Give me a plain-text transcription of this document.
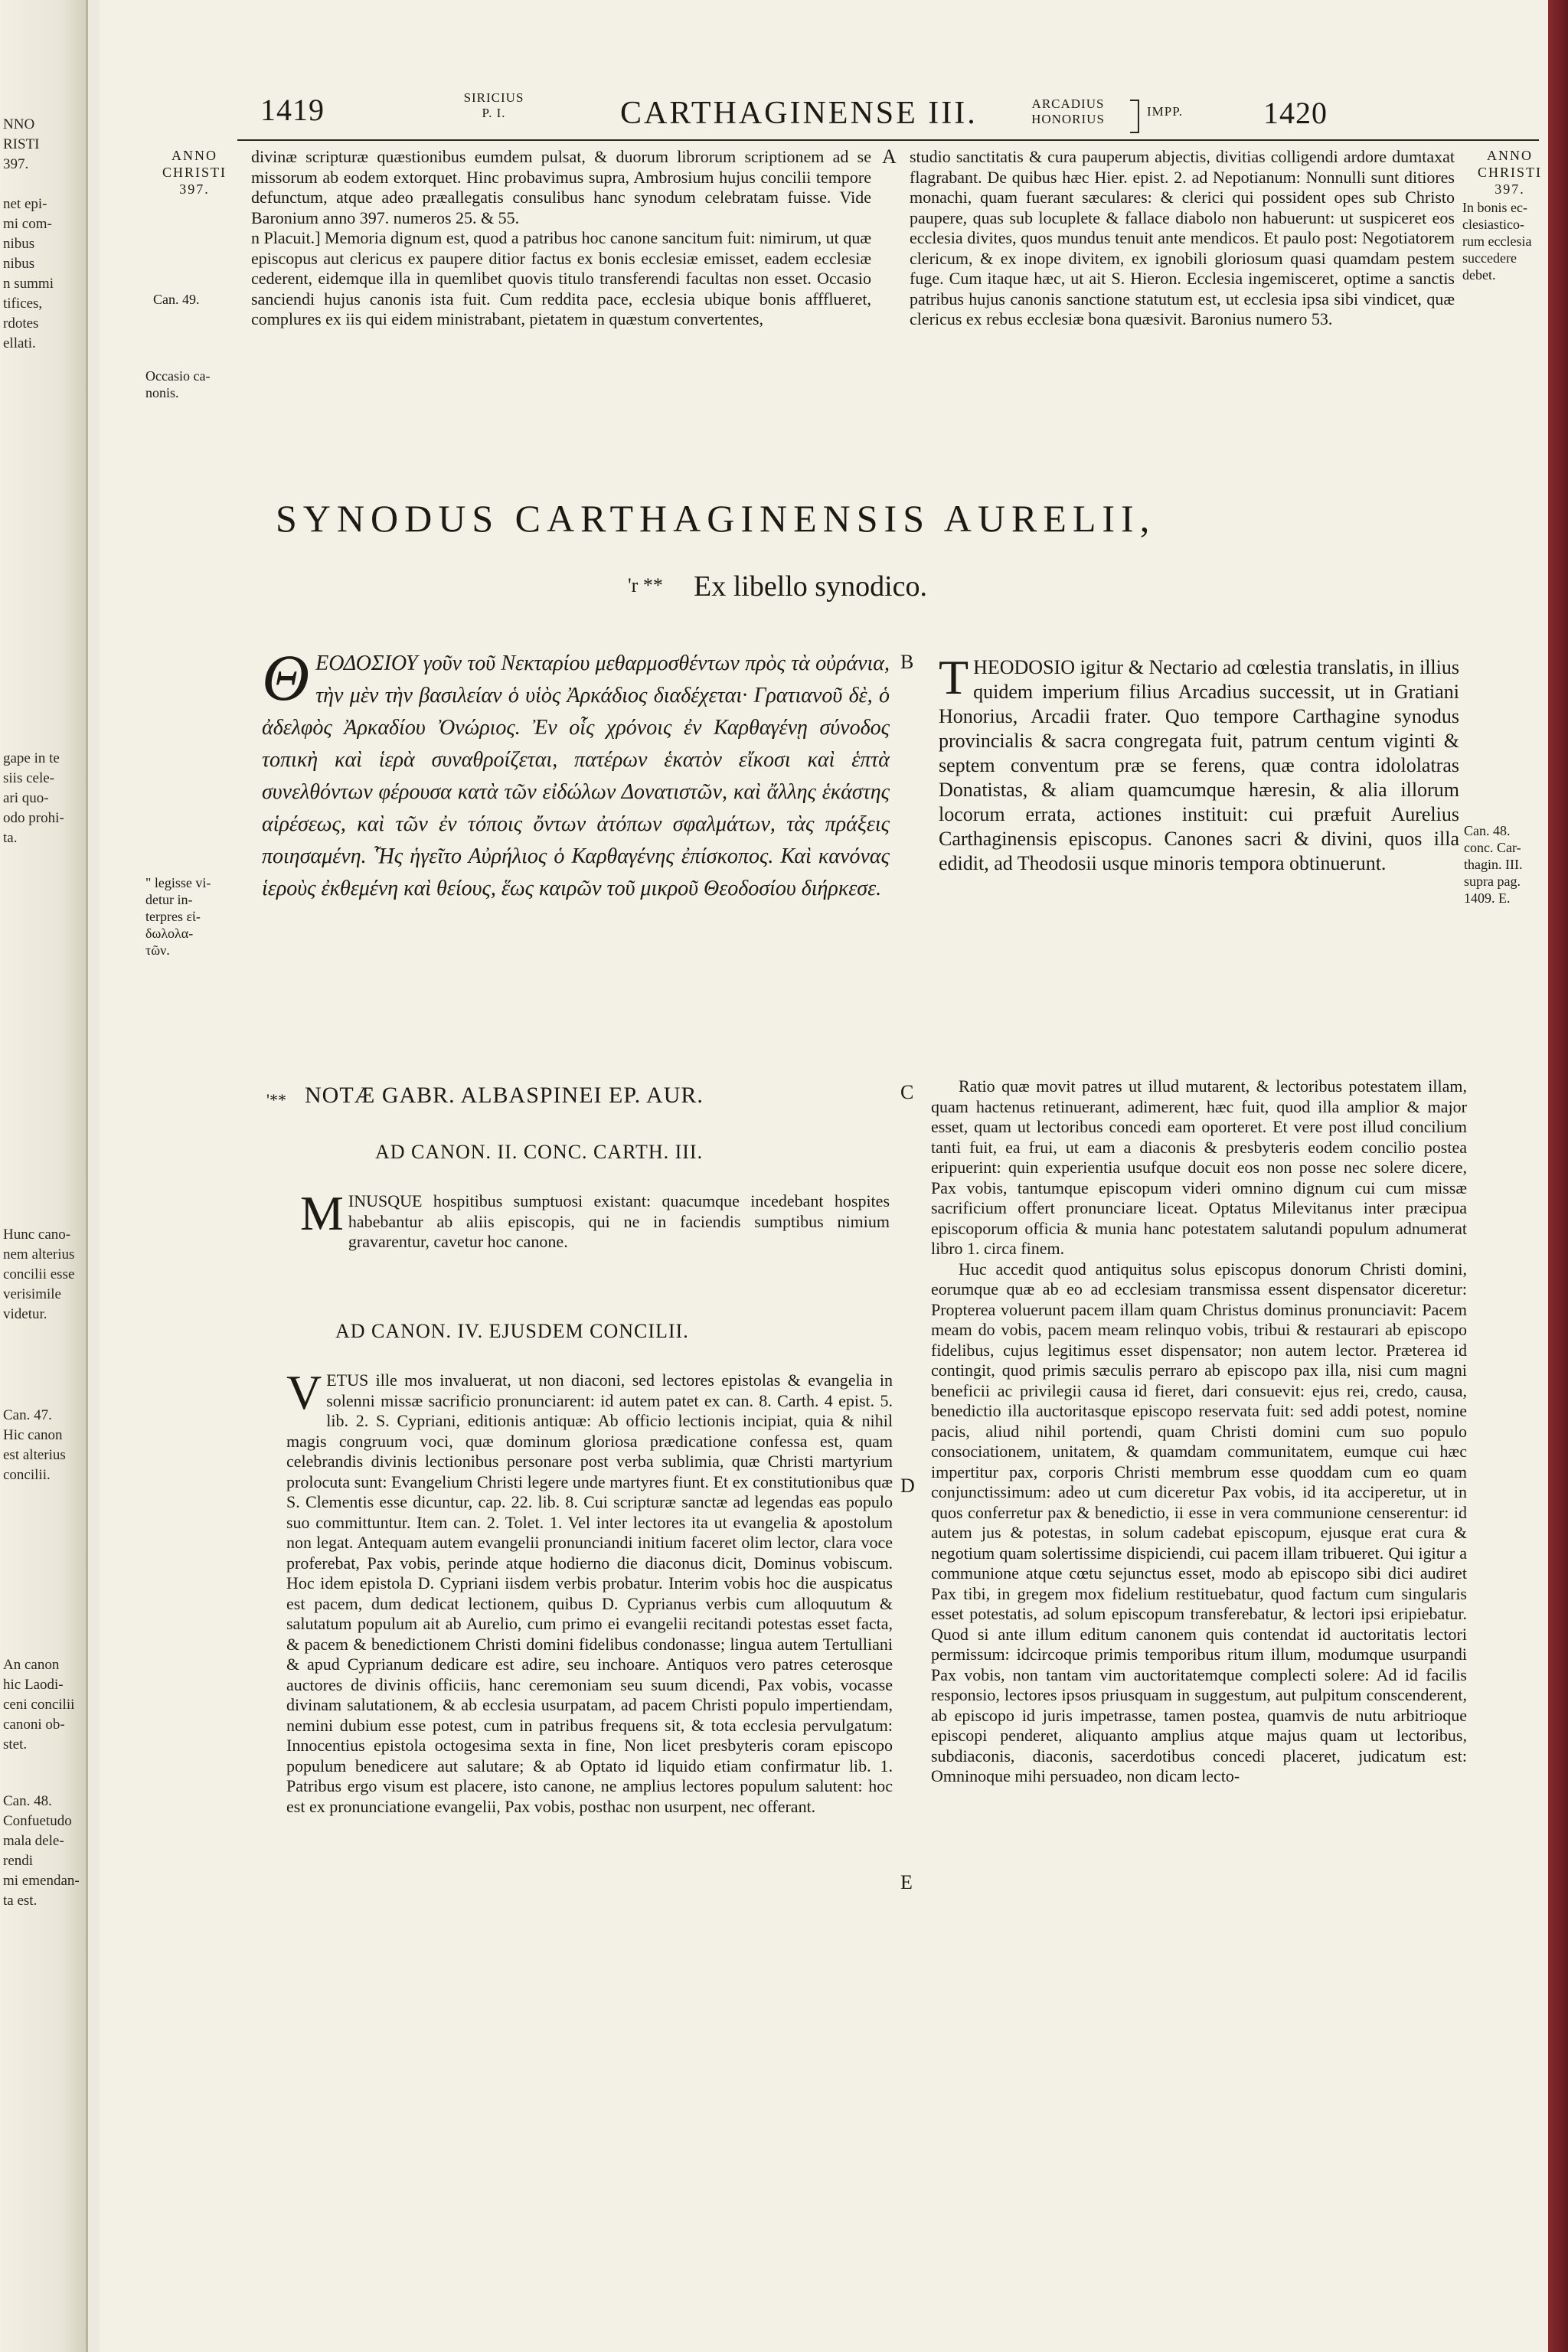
NNO
RISTI
397.
net epi-
mi com-
nibus
nibus
n summi
tifices,
rdotes
ellati.
gape in te
siis cele-
ari quo-
odo prohi-
ta.
Hunc cano-
nem alterius
concilii esse
verisimile
videtur.
Can. 47.
Hic canon
est alterius
concilii.
An canon
hic Laodi-
ceni concilii
canoni ob-
stet.
Can. 48.
Confuetudo
mala dele-
rendi
mi emendan-
ta est.
1419	SIRICIUS
P. I.	CARTHAGINENSE III.	ARCADIUS
HONORIUS
IMPP.	1420
ANNO
CHRISTI
397.
Can. 49.
Occasio ca-
nonis.

divinæ scripturæ quæstionibus eumdem pulsat, & duorum librorum scriptionem ad se missorum ab eodem extorquet. Hinc probavimus supra, Ambrosium hujus concilii tempore defunctum, atque adeo præallegatis consulibus hanc synodum celebratam fuisse. Vide Baronium anno 397. numeros 25. & 55.
n Placuit.] Memoria dignum est, quod a patribus hoc canone sancitum fuit: nimirum, ut quæ episcopus aut clericus ex paupere ditior factus ex bonis ecclesiæ emisset, eadem ecclesiæ cederent, eidemque illa in quemlibet quovis titulo transferendi facultas non esset. Occasio sanciendi hujus canonis ista fuit. Cum reddita pace, ecclesia ubique bonis affflueret, complures ex iis qui eidem ministrabant, pietatem in quæstum convertentes,

A studio sanctitatis & cura pauperum abjectis, divitias colligendi ardore dumtaxat flagrabant. De quibus hæc Hier. epist. 2. ad Nepotianum: Nonnulli sunt ditiores monachi, quam fuerant sæculares: & clerici qui possident opes sub Christo paupere, quas sub locuplete & fallace diabolo non habuerunt: ut suspiceret eos ecclesia divites, quos mundus tenuit ante mendicos. Et paulo post: Negotiatorem clericum, & ex inope divitem, ex ignobili gloriosum quasi quamdam pestem fuge. Cum itaque hæc, ut ait S. Hieron. Ecclesia ingemisceret, optime a sanctis patribus hujus canonis sanctione statutum est, ut ecclesia ipsa sibi vindicet, quæ clericus ex rebus ecclesiæ bona quæsivit. Baronius numero 53.

ANNO
CHRISTI
397.
In bonis ec-
clesiastico-
rum ecclesia
succedere
debet.
SYNODUS CARTHAGINENSIS AURELII,
'r ** Ex libello synodico.
Θ ΕΟΔΟΣΙΟΥ γοῦν τοῦ Νεκταρίου μεθαρμοσθέντων πρὸς τὰ οὐράνια, τὴν μὲν τὴν βασιλείαν ὁ υἱὸς Ἀρκάδιος διαδέχεται· Γρατιανοῦ δὲ, ὁ ἀδελφὸς Ἀρκαδίου Ὀνώριος. Ἐν οἷς χρόνοις ἐν Καρθαγένῃ σύνοδος τοπικὴ καὶ ἱερὰ συναθροίζεται, πατέρων ἑκατὸν εἴκοσι καὶ ἑπτὰ συνελθόντων φέρουσα κατὰ τῶν εἰδώλων Δονατιστῶν, καὶ ἄλλης ἑκάστης αἱρέσεως, καὶ τῶν ἐν τόποις ὄντων ἀτόπων σφαλμάτων, τὰς πράξεις ποιησαμένη. Ἧς ἡγεῖτο Αὐρήλιος ὁ Καρθαγένης ἐπίσκοπος. Καὶ κανόνας ἱεροὺς ἐκθεμένη καὶ θείους, ἕως καιρῶν τοῦ μικροῦ Θεοδοσίου διήρκεσε.
" legisse vi-
detur in-
terpres εἰ-
δωλολα-
τῶν.
B T HEODOSIO igitur & Nectario ad cœlestia translatis, in illius quidem imperium filius Arcadius successit, ut in Gratiani Honorius, Arcadii frater. Quo tempore Carthagine synodus provincialis & sacra congregata fuit, patrum centum viginti & septem conventum præ se ferens, quæ contra idololatras Donatistas, & aliam quamcumque hæresin, & alia illorum locorum errata, actiones instituit: cui præfuit Aurelius Carthaginensis episcopus. Canones sacri & divini, quos illa edidit, ad Theodosii usque minoris tempora obtinuerunt.
Can. 48.
conc. Car-
thagin. III.
supra pag.
1409. E.
'** NOTÆ GABR. ALBASPINEI EP. AUR.	C
AD CANON. II. CONC. CARTH. III.
M INUSQUE hospitibus sumptuosi existant: quacumque incedebant hospites habebantur ab aliis episcopis, qui ne in faciendis sumptibus nimium gravarentur, cavetur hoc canone.
AD CANON. IV. EJUSDEM CONCILII.
V ETUS ille mos invaluerat, ut non diaconi, sed lectores epistolas & evangelia in solenni missæ sacrificio pronunciarent: id autem patet ex can. 8. Carth. 4 epist. 5. lib. 2. S. Cypriani, editionis antiquæ: Ab officio lectionis incipiat, quia & nihil magis congruum voci, quæ dominum gloriosa prædicatione confessa est, quam celebrandis divinis lectionibus personare post verba sublimia, quæ Christi martyrium prolocuta sunt: Evangelium Christi legere unde martyres fiunt. Et ex constitutionibus quæ S. Clementis esse dicuntur, cap. 22. lib. 8. Cui scripturæ sanctæ ad legendas eas populo suo committuntur. Item can. 2. Tolet. 1. Vel inter lectores ita ut evangelia & apostolum non legat. Antequam autem evangelii pronunciandi initium faceret olim lector, clara voce proferebat, Pax vobis, perinde atque hodierno die diaconus dicit, Dominus vobiscum. Hoc idem epistola D. Cypriani iisdem verbis probatur. Interim vobis hoc die auspicatus est pacem, dum dedicat lectionem, quibus D. Cyprianus verbis cum alloquutum & salutatum populum ait ab Aurelio, cum primo ei evangelii recitandi potestas esset facta, & pacem & benedictionem Christi domini fidelibus condonasse; lingua autem Tertulliani & apud Cyprianum dedicare est adire, seu inchoare. Antiquos vero patres ceterosque auctores de divinis officiis, hanc ceremoniam seu suum dicendi, Pax vobis, vocasse divinam salutationem, & ab ecclesia usurpatam, ad pacem Christi populo impertiendam, nemini dubium esse potest, cum in patribus frequens sit, & tota ecclesia pervulgatum: Innocentius epistola octogesima sexta in fine, Non licet presbyteris coram episcopo populum benedicere aut salutare; & ab Optato id liquido etiam confirmatur lib. 1. Patribus ergo visum est placere, isto canone, ne amplius lectores populum salutent: hoc est ex pronunciatione evangelii, Pax vobis, posthac non usurpent, nec offerant.
D
E

Ratio quæ movit patres ut illud mutarent, & lectoribus potestatem illam, quam hactenus retinuerant, adimerent, hæc fuit, quod illa amplior & major esset, quam ut lectoribus concedi eam oporteret. Et vere post illud concilium tanti fuit, ea frui, ut eam a diaconis & presbyteris eodem concilio postea eripuerint: quin experientia usufque docuit eos non posse nec solere dicere, Pax vobis, tantumque episcopum videri omnino dignum cui cum missæ sacrificium offert pronunciare liceat. Optatus Milevitanus inter præcipua episcoporum officia & munia hanc potestatem salutandi populum adnumerat libro 1. circa finem.

Huc accedit quod antiquitus solus episcopus donorum Christi domini, eorumque quæ ab eo ad ecclesiam transmissa essent dispensator diceretur: Propterea voluerunt pacem illam quam Christus dominus pronunciavit: Pacem meam do vobis, pacem meam relinquo vobis, tribui & restaurari ab episcopo fidelibus, cujus legitimus esset dispensator; non autem lector. Præterea id contingit, quod primis sæculis perraro ab episcopo pax illa, nisi cum magni beneficii ac privilegii causa id fieret, dari consuevit: ejus rei, credo, causa, benedictio illa auctoritasque episcopo reservata fuit: sed addi potest, nomine pacis, aliud nihil portendi, quam Christi domini cum suo populo consociationem, unitatem, & quamdam communitatem, eumque cui hæc impertitur pax, corporis Christi membrum esse quoddam cum eo quam conjunctissimum: adeo ut cum diceretur Pax vobis, id ita acciperetur, ut in quos conferretur pax & benedictio, ii esse in vera communione censerentur: id autem jus & potestas, in solum cadebat episcopum, ejusque erat cura & negotium quam solertissime dispiciendi, cui pacem illam tribueret. Qui igitur a communione atque cœtu sejunctus esset, modo ab episcopo sibi dici audiret Pax tibi, in gregem mox fidelium restituebatur, quod factum cum singularis esset potestatis, ad solum episcopum transferebatur, & lectori ipsi eripiebatur. Quod si ante illum editum canonem quis contendat id auctoritatis lectori permissum: idcircoque primis temporibus ritum illum, modumque usurpandi Pax vobis, non tantam vim auctoritatemque complecti solere: Ad id facilis responsio, lectores ipsos priusquam in suggestum, aut pulpitum conscenderent, ab episcopo id juris impetrasse, tamen postea, quamvis de nutu arbitrioque episcopi penderet, aliquanto amplius atque majus quam ut lectoribus, subdiaconis, diaconis, sacerdotibus concedi placeret, judicatum est: Omninoque mihi persuadeo, non dicam lecto-
